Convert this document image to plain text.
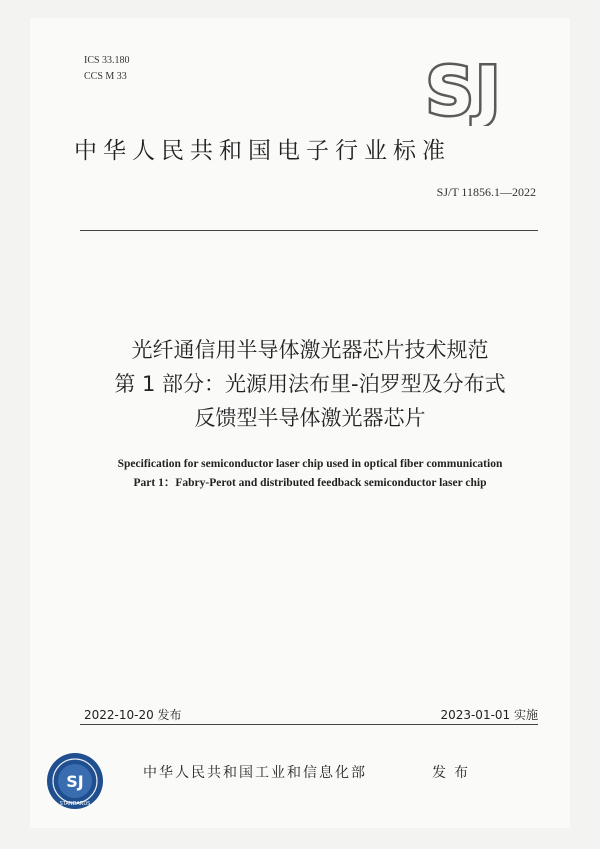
ICS 33.180
CCS M 33	SJ
中华人民共和国电子行业标准
SJ/T 11856.1—2022
光纤通信用半导体激光器芯片技术规范
第 1 部分：光源用法布里-泊罗型及分布式
反馈型半导体激光器芯片
Specification for semiconductor laser chip used in optical fiber communication
Part 1：Fabry-Perot and distributed feedback semiconductor laser chip
2022-10-20 发布	2023-01-01 实施
SJ
STANDARDS
中华人民共和国工业和信息化部	发布
